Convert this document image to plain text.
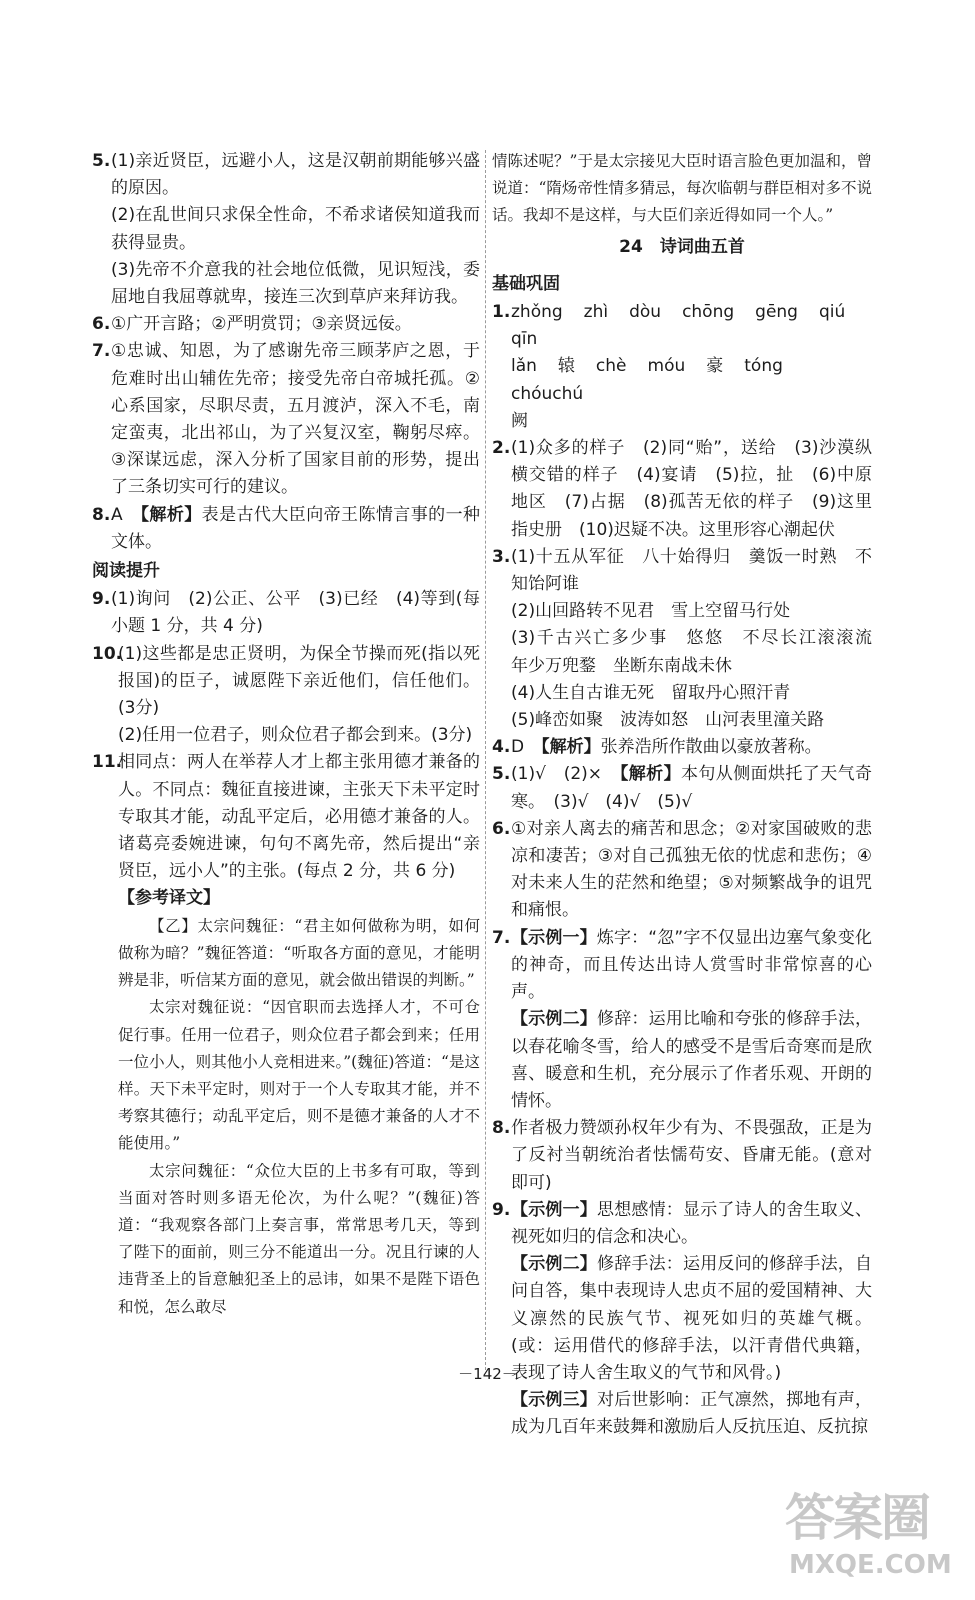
5. (1)亲近贤臣，远避小人，这是汉朝前期能够兴盛的原因。

(2)在乱世间只求保全性命，不希求诸侯知道我而获得显贵。

(3)先帝不介意我的社会地位低微，见识短浅，委屈地自我屈尊就卑，接连三次到草庐来拜访我。

6. ①广开言路；②严明赏罚；③亲贤远佞。

7. ①忠诚、知恩，为了感谢先帝三顾茅庐之恩，于危难时出山辅佐先帝；接受先帝白帝城托孤。②心系国家，尽职尽责，五月渡泸，深入不毛，南定蛮夷，北出祁山，为了兴复汉室，鞠躬尽瘁。③深谋远虑，深入分析了国家目前的形势，提出了三条切实可行的建议。

8. A　 【解析】表是古代大臣向帝王陈情言事的一种文体。

阅读提升
9. (1)询问　(2)公正、公平　(3)已经　(4)等到(每小题 1 分，共 4 分)

10.

(1)这些都是忠正贤明，为保全节操而死(指以死报国)的臣子，诚愿陛下亲近他们，信任他们。(3分)

(2)任用一位君子，则众位君子都会到来。(3分)

11.

相同点：两人在举荐人才上都主张用德才兼备的人。不同点：魏征直接进谏，主张天下未平定时专取其才能，动乱平定后，必用德才兼备的人。诸葛亮委婉进谏，句句不离先帝，然后提出“亲贤臣，远小人”的主张。(每点 2 分，共 6 分)

【参考译文】

【乙】太宗问魏征：“君主如何做称为明，如何做称为暗？”魏征答道：“听取各方面的意见，才能明辨是非，听信某方面的意见，就会做出错误的判断。”

太宗对魏征说：“因官职而去选择人才，不可仓促行事。任用一位君子，则众位君子都会到来；任用一位小人，则其他小人竞相进来。”(魏征)答道：“是这样。天下未平定时，则对于一个人专取其才能，并不考察其德行；动乱平定后，则不是德才兼备的人才不能使用。”

太宗问魏征：“众位大臣的上书多有可取，等到当面对答时则多语无伦次，为什么呢？”(魏征)答道：“我观察各部门上奏言事，常常思考几天，等到了陛下的面前，则三分不能道出一分。况且行谏的人违背圣上的旨意触犯圣上的忌讳，如果不是陛下语色和悦，怎么敢尽

情陈述呢？”于是太宗接见大臣时语言脸色更加温和，曾说道：“隋炀帝性情多猜忌，每次临朝与群臣相对多不说话。我却不是这样，与大臣们亲近得如同一个人。”

24　诗词曲五首
基础巩固
1. zhǒng zhì dòu chōng gēng qiú
qīn
lǎn 辕 chè móu 豪 tóng
chóuchú
阙
2. (1)众多的样子　(2)同“贻”，送给　(3)沙漠纵横交错的样子　(4)宴请　(5)拉，扯　(6)中原地区　(7)占据　(8)孤苦无依的样子　(9)这里指史册　(10)迟疑不决。这里形容心潮起伏

3. (1)十五从军征　八十始得归　羹饭一时熟　不知饴阿谁

(2)山回路转不见君　雪上空留马行处

(3)千古兴亡多少事　悠悠　不尽长江滚滚流　年少万兜鍪　坐断东南战未休

(4)人生自古谁无死　留取丹心照汗青

(5)峰峦如聚　波涛如怒　山河表里潼关路

4. D　 【解析】张养浩所作散曲以豪放著称。

5. (1)√　(2)×　 【解析】本句从侧面烘托了天气奇寒。　(3)√　(4)√　(5)√

6. ①对亲人离去的痛苦和思念；②对家国破败的悲凉和凄苦；③对自己孤独无依的忧虑和悲伤；④对未来人生的茫然和绝望；⑤对频繁战争的诅咒和痛恨。

7. 【示例一】炼字：“忽”字不仅显出边塞气象变化的神奇，而且传达出诗人赏雪时非常惊喜的心声。

【示例二】修辞：运用比喻和夸张的修辞手法，以春花喻冬雪，给人的感受不是雪后奇寒而是欣喜、暖意和生机，充分展示了作者乐观、开朗的情怀。

8. 作者极力赞颂孙权年少有为、不畏强敌，正是为了反衬当朝统治者怯懦苟安、昏庸无能。(意对即可)

9. 【示例一】思想感情：显示了诗人的舍生取义、视死如归的信念和决心。

【示例二】修辞手法：运用反问的修辞手法，自问自答，集中表现诗人忠贞不屈的爱国精神、大义凛然的民族气节、视死如归的英雄气概。(或：运用借代的修辞手法，以汗青借代典籍，表现了诗人舍生取义的气节和风骨。)

【示例三】对后世影响：正气凛然，掷地有声，成为几百年来鼓舞和激励后人反抗压迫、反抗掠

－142－
答案圈
MXQE.COM
